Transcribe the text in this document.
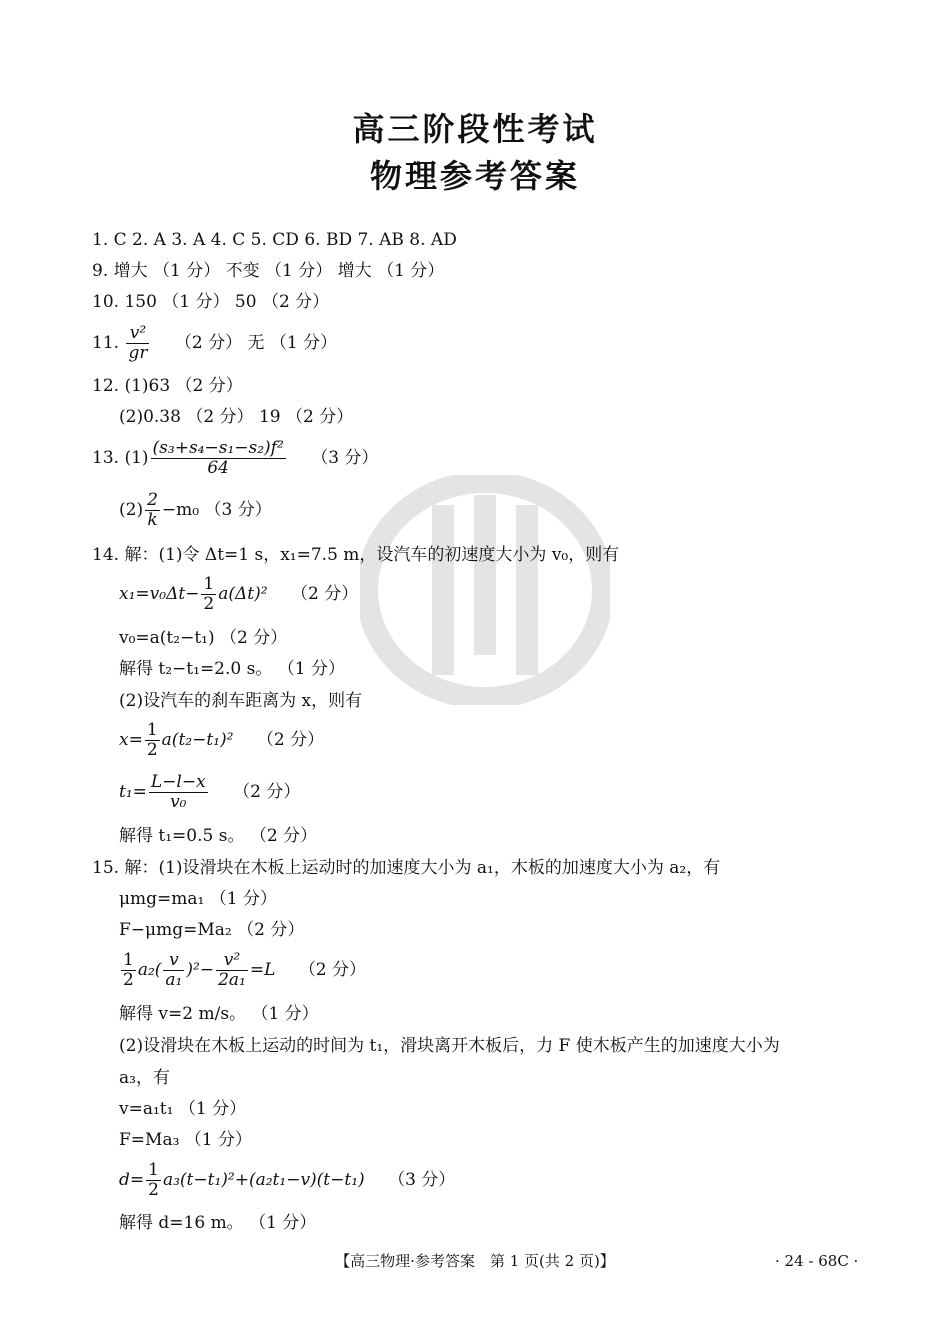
高三阶段性考试
物理参考答案
1. C 2. A 3. A 4. C 5. CD 6. BD 7. AB 8. AD
9. 增大 （1 分） 不变 （1 分） 增大 （1 分）
10. 150 （1 分） 50 （2 分）
11. $\frac{\text{v²}}{gr} (2$ 分） 无 （1 分）
12. (1)63 （2 分）
(2)0.38 （2 分） 19 （2 分）
13. $(1) \frac{\text{(s₃+s₄−s₁−s₂)f²}}{64} (3$ 分）
$(2) \frac{2}{k} -m_0$ （3 分）
14. 解：(1)令 Δt=1 s，x₁=7.5 m，设汽车的初速度大小为 v₀，则有
$x_1=v_0\Delta t- \frac{1}{2} a(\Delta t)^2$ （2 分）
v₀=a(t₂−t₁) （2 分）
解得 t₂−t₁=2.0 s。 （1 分）
(2)设汽车的刹车距离为 x，则有
$x= \frac{1}{2} a(t_2-t_1)^2$ （2 分）
$t_1= \frac{L-l-x}{\text{v₀}} (2$ 分）
解得 t₁=0.5 s。 （2 分）
15. 解：(1)设滑块在木板上运动时的加速度大小为 a₁，木板的加速度大小为 a₂，有
μmg=ma₁ （1 分）
F−μmg=Ma₂ （2 分）
$\frac{1}{2} a_2( \frac{v}{\text{a₁}} )^2- \frac{\text{v²}}{\text{2a₁}} =L$ （2 分）
解得 v=2 m/s。 （1 分）
(2)设滑块在木板上运动的时间为 t₁，滑块离开木板后，力 F 使木板产生的加速度大小为
a₃，有
v=a₁t₁ （1 分）
F=Ma₃ （1 分）
$d= \frac{1}{2} a_3(t-t_1)^2+(a_2t_1-v)(t-t_1)$ （3 分）
解得 d=16 m。 （1 分）
【高三物理·参考答案　第 1 页(共 2 页)】	· 24 - 68C ·
